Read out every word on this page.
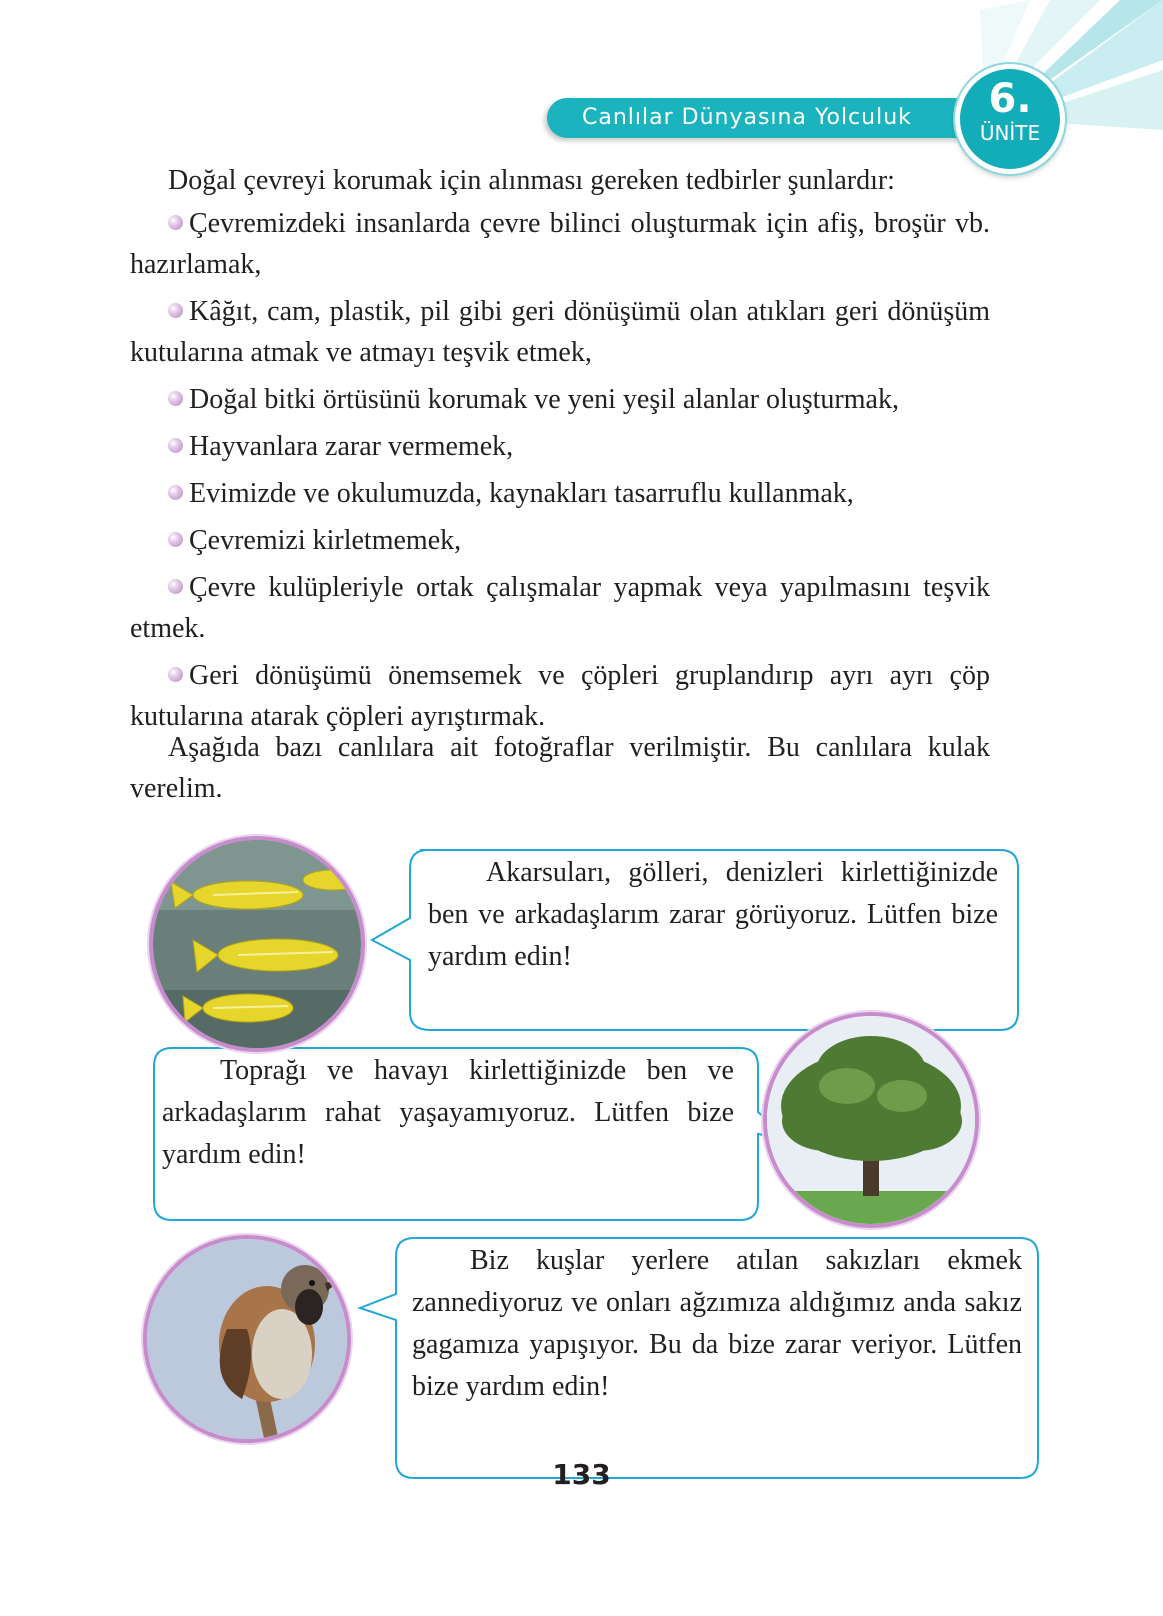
Canlılar Dünyasına Yolculuk	6.
ÜNİTE
Doğal çevreyi korumak için alınması gereken tedbirler şunlardır:
Çevremizdeki insanlarda çevre bilinci oluşturmak için afiş, broşür vb. hazırlamak,
Kâğıt, cam, plastik, pil gibi geri dönüşümü olan atıkları geri dönüşüm kutularına atmak ve atmayı teşvik etmek,
Doğal bitki örtüsünü korumak ve yeni yeşil alanlar oluşturmak,
Hayvanlara zarar vermemek,
Evimizde ve okulumuzda, kaynakları tasarruflu kullanmak,
Çevremizi kirletmemek,
Çevre kulüpleriyle ortak çalışmalar yapmak veya yapılmasını teşvik etmek.
Geri dönüşümü önemsemek ve çöpleri gruplandırıp ayrı ayrı çöp kutularına atarak çöpleri ayrıştırmak.
Aşağıda bazı canlılara ait fotoğraflar verilmiştir. Bu canlılara kulak verelim.
Akarsuları, gölleri, denizleri kirlettiğinizde ben ve arkadaşlarım zarar görüyoruz. Lütfen bize yardım edin!
Toprağı ve havayı kirlettiğinizde ben ve arkadaşlarım rahat yaşayamıyoruz. Lütfen bize yardım edin!
Biz kuşlar yerlere atılan sakızları ekmek zannediyoruz ve onları ağzımıza aldığımız anda sakız gagamıza yapışıyor. Bu da bize zarar veriyor. Lütfen bize yardım edin!
133
